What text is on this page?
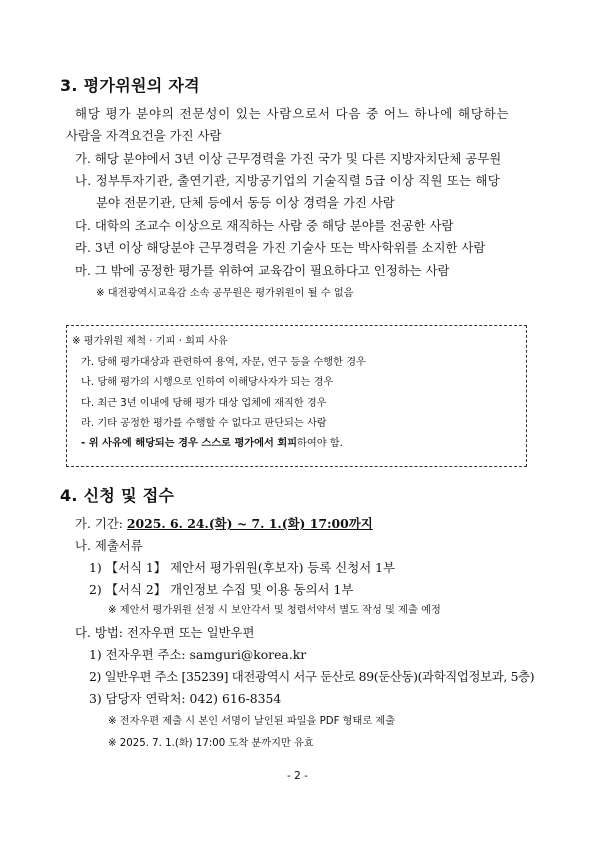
3. 평가위원의 자격
해당 평가 분야의 전문성이 있는 사람으로서 다음 중 어느 하나에 해당하는
사람을 자격요건을 가진 사람
가. 해당 분야에서 3년 이상 근무경력을 가진 국가 및 다른 지방자치단체 공무원
나. 정부투자기관, 출연기관, 지방공기업의 기술직렬 5급 이상 직원 또는 해당
분야 전문기관, 단체 등에서 동등 이상 경력을 가진 사람
다. 대학의 조교수 이상으로 재직하는 사람 중 해당 분야를 전공한 사람
라. 3년 이상 해당분야 근무경력을 가진 기술사 또는 박사학위를 소지한 사람
마. 그 밖에 공정한 평가를 위하여 교육감이 필요하다고 인정하는 사람
※ 대전광역시교육감 소속 공무원은 평가위원이 될 수 없음
※ 평가위원 제척 · 기피 · 회피 사유
가. 당해 평가대상과 관련하여 용역, 자문, 연구 등을 수행한 경우
나. 당해 평가의 시행으로 인하여 이해당사자가 되는 경우
다. 최근 3년 이내에 당해 평가 대상 업체에 재직한 경우
라. 기타 공정한 평가를 수행할 수 없다고 판단되는 사람
- 위 사유에 해당되는 경우 스스로 평가에서 회피하여야 함.
4. 신청 및 접수
가. 기간: 2025. 6. 24.(화) ~ 7. 1.(화) 17:00까지
나. 제출서류
1) 【서식 1】 제안서 평가위원(후보자) 등록 신청서 1부
2) 【서식 2】 개인정보 수집 및 이용 동의서 1부
※ 제안서 평가위원 선정 시 보안각서 및 청렴서약서 별도 작성 및 제출 예정
다. 방법: 전자우편 또는 일반우편
1) 전자우편 주소: samguri@korea.kr
2) 일반우편 주소 [35239] 대전광역시 서구 둔산로 89(둔산동)(과학직업정보과, 5층)
3) 담당자 연락처: 042) 616-8354
※ 전자우편 제출 시 본인 서명이 날인된 파일을 PDF 형태로 제출
※ 2025. 7. 1.(화) 17:00 도착 분까지만 유효
- 2 -
